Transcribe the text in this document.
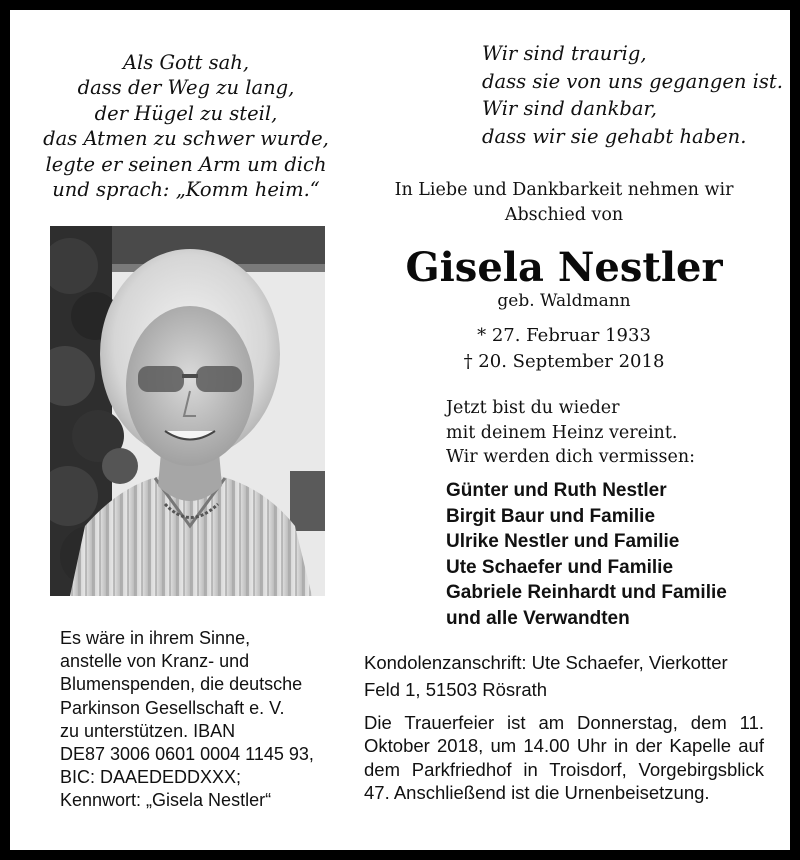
Als Gott sah,
dass der Weg zu lang,
der Hügel zu steil,
das Atmen zu schwer wurde,
legte er seinen Arm um dich
und sprach: „Komm heim.“
Wir sind traurig,
dass sie von uns gegangen ist.
Wir sind dankbar,
dass wir sie gehabt haben.
In Liebe und Dankbarkeit nehmen wir
Abschied von
Gisela Nestler
geb. Waldmann
* 27. Februar 1933
† 20. September 2018
Jetzt bist du wieder
mit deinem Heinz vereint.
Wir werden dich vermissen:
Günter und Ruth Nestler
Birgit Baur und Familie
Ulrike Nestler und Familie
Ute Schaefer und Familie
Gabriele Reinhardt und Familie
und alle Verwandten
Kondolenzanschrift: Ute Schaefer, Vierkotter
Feld 1, 51503 Rösrath
Die Trauerfeier ist am Donnerstag, dem 11. Oktober 2018, um 14.00 Uhr in der Kapelle auf dem Parkfriedhof in Troisdorf, Vorgebirgsblick 47. Anschließend ist die Urnenbeisetzung.
Es wäre in ihrem Sinne,
anstelle von Kranz- und
Blumenspenden, die deutsche
Parkinson Gesellschaft e. V.
zu unterstützen. IBAN
DE87 3006 0601 0004 1145 93,
BIC: DAAEDEDDXXX;
Kennwort: „Gisela Nestler“
